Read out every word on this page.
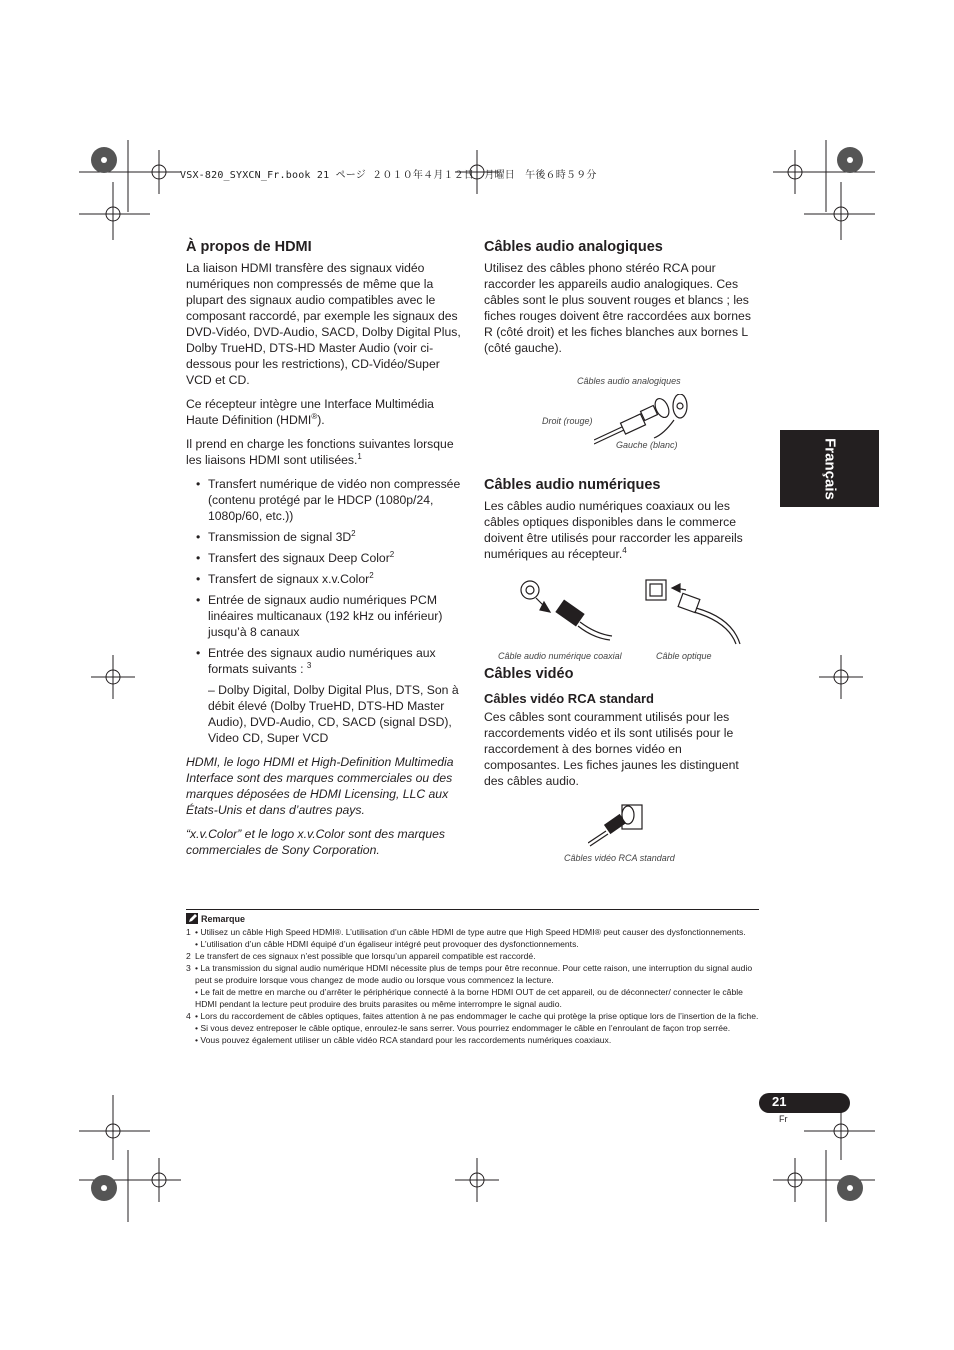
VSX-820_SYXCN_Fr.book 21 ページ ２０１０年４月１２日　月曜日　午後６時５９分
À propos de HDMI

La liaison HDMI transfère des signaux vidéo numériques non compressés de même que la plupart des signaux audio compatibles avec le composant raccordé, par exemple les signaux des DVD-Vidéo, DVD-Audio, SACD, Dolby Digital Plus, Dolby TrueHD, DTS-HD Master Audio (voir ci-dessous pour les restrictions), CD-Vidéo/Super VCD et CD.

Ce récepteur intègre une Interface Multimédia Haute Définition (HDMI®).

Il prend en charge les fonctions suivantes lorsque les liaisons HDMI sont utilisées.$^1$

• Transfert numérique de vidéo non compressée (contenu protégé par le HDCP (1080p/24, 1080p/60, etc.))
• Transmission de signal $3D^2$
• Transfert des signaux Deep Color$^2$
• Transfert de signaux x.v.Color$^2$
• Entrée de signaux audio numériques PCM linéaires multicanaux (192 kHz ou inférieur) jusqu’à 8 canaux
• Entrée des signaux audio numériques aux formats suivants : $^3$

– Dolby Digital, Dolby Digital Plus, DTS, Son à débit élevé (Dolby TrueHD, DTS-HD Master Audio), DVD-Audio, CD, SACD (signal DSD), Video CD, Super VCD

HDMI, le logo HDMI et High-Definition Multimedia Interface sont des marques commerciales ou des marques déposées de HDMI Licensing, LLC aux États-Unis et dans d’autres pays.

“x.v.Color” et le logo x.v.Color sont des marques commerciales de Sony Corporation.

Câbles audio analogiques

Utilisez des câbles phono stéréo RCA pour raccorder les appareils audio analogiques. Ces câbles sont le plus souvent rouges et blancs ; les fiches rouges doivent être raccordées aux bornes R (côté droit) et les fiches blanches aux bornes L (côté gauche).

Câbles audio analogiques
Droit (rouge)
Gauche (blanc)
Câbles audio numériques

Les câbles audio numériques coaxiaux ou les câbles optiques disponibles dans le commerce doivent être utilisés pour raccorder les appareils numériques au récepteur.$^4$

Câble audio numérique coaxial	Câble optique
Câbles vidéo
Câbles vidéo RCA standard

Ces câbles sont couramment utilisés pour les raccordements vidéo et ils sont utilisés pour le raccordement à des bornes vidéo en composantes. Les fiches jaunes les distinguent des câbles audio.

Câbles vidéo RCA standard
Français
Remarque
1 • Utilisez un câble High Speed HDMI®. L’utilisation d’un câble HDMI de type autre que High Speed HDMI® peut causer des dysfonctionnements.
• L’utilisation d’un câble HDMI équipé d’un égaliseur intégré peut provoquer des dysfonctionnements.
2 Le transfert de ces signaux n’est possible que lorsqu’un appareil compatible est raccordé.
3 • La transmission du signal audio numérique HDMI nécessite plus de temps pour être reconnue. Pour cette raison, une interruption du signal audio peut se produire lorsque vous changez de mode audio ou lorsque vous commencez la lecture.
• Le fait de mettre en marche ou d’arrêter le périphérique connecté à la borne HDMI OUT de cet appareil, ou de déconnecter/ connecter le câble HDMI pendant la lecture peut produire des bruits parasites ou même interrompre le signal audio.
4 • Lors du raccordement de câbles optiques, faites attention à ne pas endommager le cache qui protège la prise optique lors de l’insertion de la fiche.
• Si vous devez entreposer le câble optique, enroulez-le sans serrer. Vous pourriez endommager le câble en l’enroulant de façon trop serrée.
• Vous pouvez également utiliser un câble vidéo RCA standard pour les raccordements numériques coaxiaux.
21
Fr
